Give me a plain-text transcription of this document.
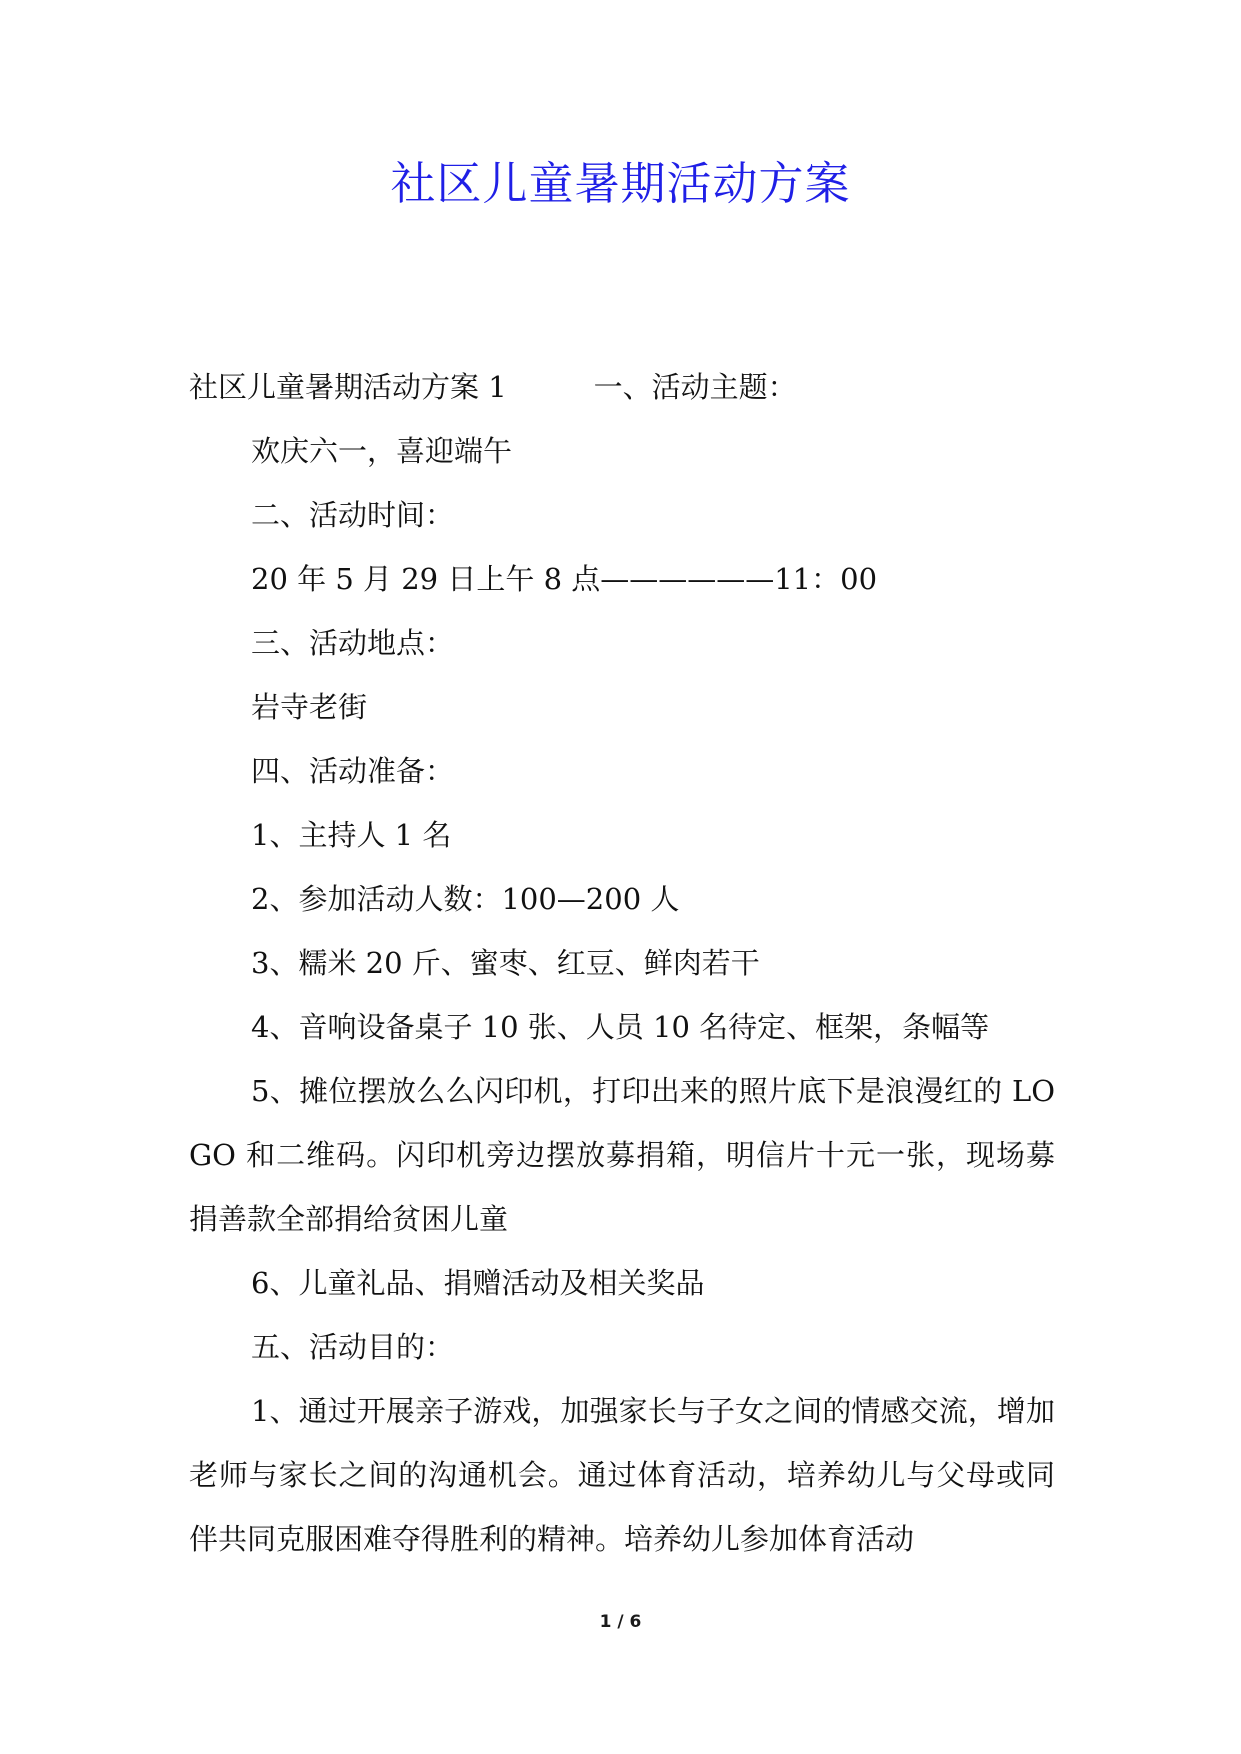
社区儿童暑期活动方案

社区儿童暑期活动方案 1　　　一、活动主题：

欢庆六一，喜迎端午

二、活动时间：

20 年 5 月 29 日上午 8 点——————11：00

三、活动地点：

岩寺老街

四、活动准备：

1、主持人 1 名

2、参加活动人数：100—200 人

3、糯米 20 斤、蜜枣、红豆、鲜肉若干

4、音响设备桌子 10 张、人员 10 名待定、框架，条幅等

5、摊位摆放么么闪印机，打印出来的照片底下是浪漫红的 LOGO 和二维码。闪印机旁边摆放募捐箱，明信片十元一张，现场募捐善款全部捐给贫困儿童

6、儿童礼品、捐赠活动及相关奖品

五、活动目的：

1、通过开展亲子游戏，加强家长与子女之间的情感交流，增加老师与家长之间的沟通机会。通过体育活动，培养幼儿与父母或同伴共同克服困难夺得胜利的精神。培养幼儿参加体育活动

1 / 6
